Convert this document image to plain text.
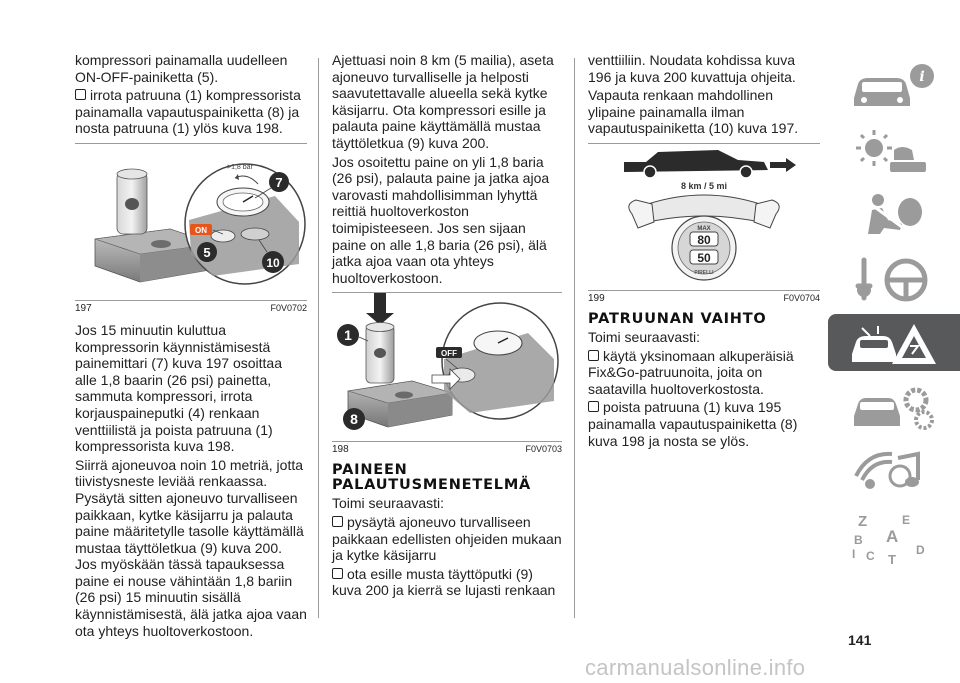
kompressori painamalla uudelleen ON-OFF-painiketta (5).

irrota patruuna (1) kompressorista painamalla vapautuspainiketta (8) ja nosta patruuna (1) ylös kuva 198.

>1,8 bar
ON
7
5
10
197	F0V0702

Jos 15 minuutin kuluttua kompressorin käynnistämisestä painemittari (7) kuva 197 osoittaa alle 1,8 baarin (26 psi) painetta, sammuta kompressori, irrota korjauspaineputki (4) renkaan venttiilistä ja poista patruuna (1) kompressorista kuva 198.

Siirrä ajoneuvoa noin 10 metriä, jotta tiivistysneste leviää renkaassa. Pysäytä sitten ajoneuvo turvalliseen paikkaan, kytke käsijarru ja palauta paine määritetylle tasolle käyttämällä mustaa täyttöletkua (9) kuva 200. Jos myöskään tässä tapauksessa paine ei nouse vähintään 1,8 bariin (26 psi) 15 minuutin sisällä käynnistämisestä, älä jatka ajoa vaan ota yhteys huoltoverkostoon.

Ajettuasi noin 8 km (5 mailia), aseta ajoneuvo turvalliselle ja helposti saavutettavalle alueella sekä kytke käsijarru. Ota kompressori esille ja palauta paine käyttämällä mustaa täyttöletkua (9) kuva 200.

Jos osoitettu paine on yli 1,8 baria (26 psi), palauta paine ja jatka ajoa varovasti mahdollisimman lyhyttä reittiä huoltoverkoston toimipisteeseen. Jos sen sijaan paine on alle 1,8 baria (26 psi), älä jatka ajoa vaan ota yhteys huoltoverkostoon.

OFF
1
8
198	F0V0703
PAINEEN PALAUTUSMENETELMÄ

Toimi seuraavasti:

pysäytä ajoneuvo turvalliseen paikkaan edellisten ohjeiden mukaan ja kytke käsijarru

ota esille musta täyttöputki (9) kuva 200 ja kierrä se lujasti renkaan

venttiiliin. Noudata kohdissa kuva 196 ja kuva 200 kuvattuja ohjeita.

Vapauta renkaan mahdollinen ylipaine painamalla ilman vapautuspainiketta (10) kuva 197.

8 km / 5 mi
MAX
80
50
PIRELLI
199	F0V0704
PATRUUNAN VAIHTO

Toimi seuraavasti:

käytä yksinomaan alkuperäisiä Fix&Go-patruunoita, joita on saatavilla huoltoverkostosta.

poista patruuna (1) kuva 195 painamalla vapautuspainiketta (8) kuva 198 ja nosta se ylös.

i
Z	E
A
B
C
I	T
D
141
carmanualsonline.info
